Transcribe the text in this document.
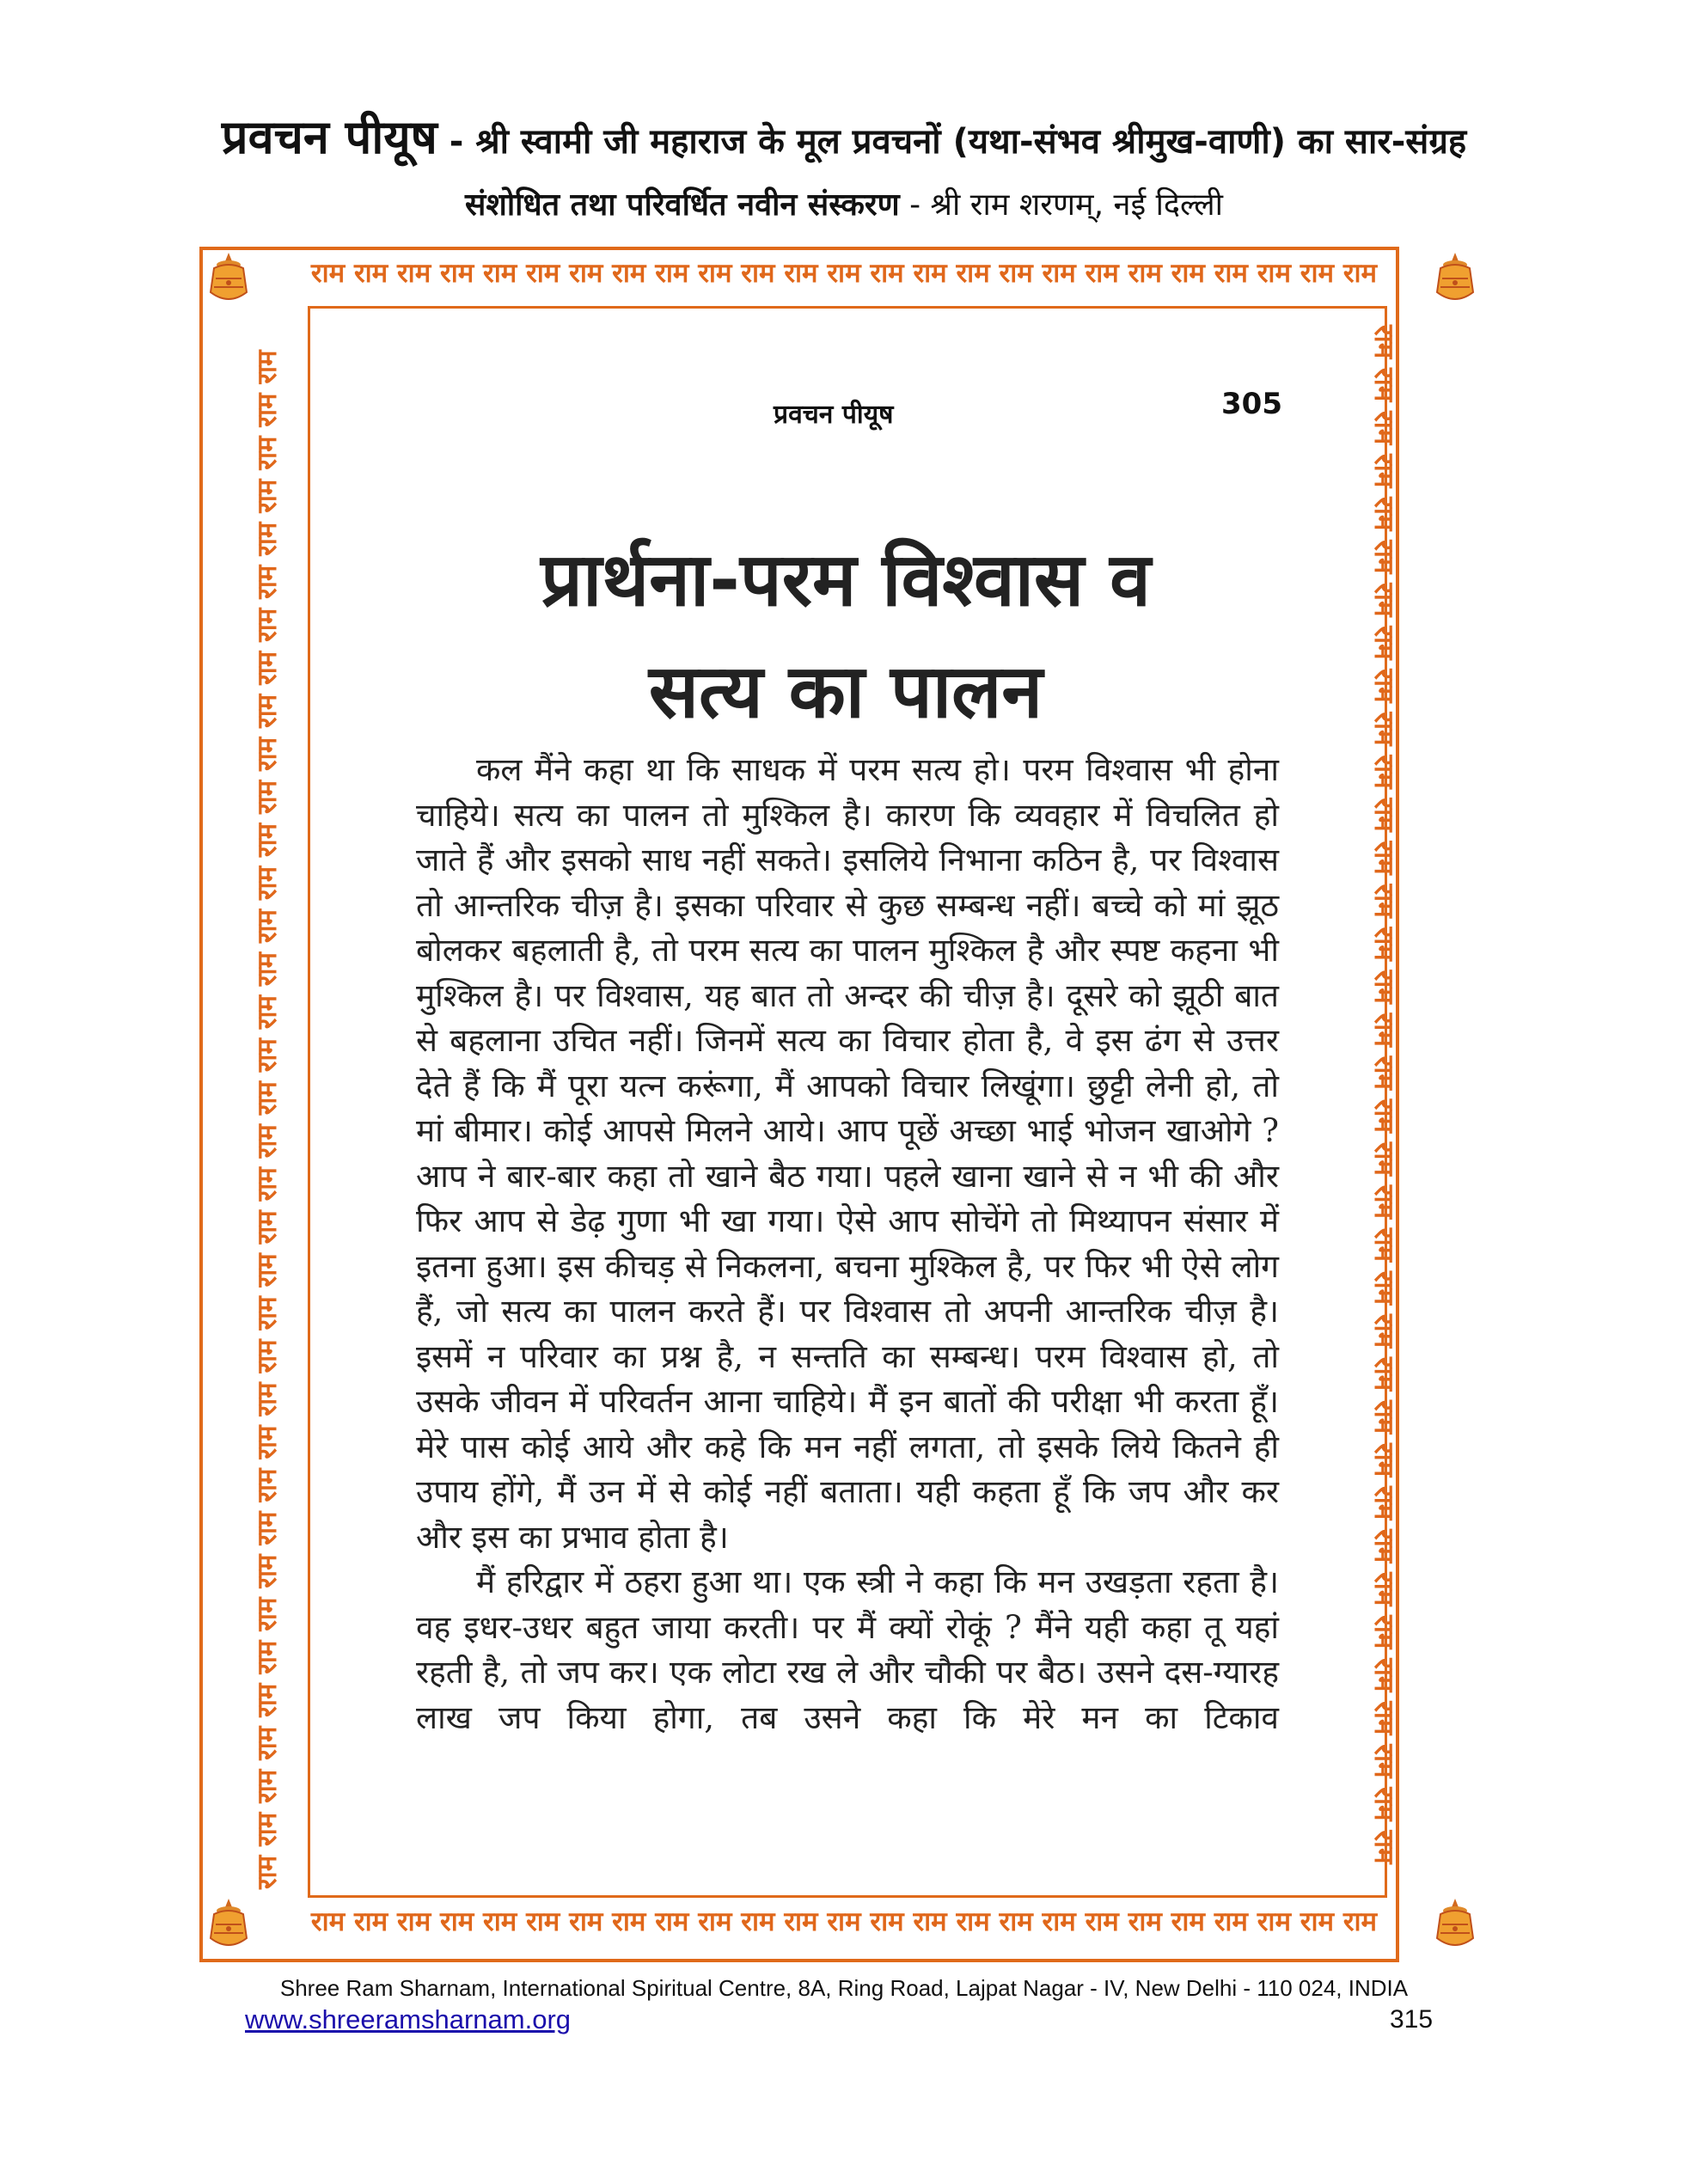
प्रवचन पीयूष - श्री स्वामी जी महाराज के मूल प्रवचनों (यथा-संभव श्रीमुख-वाणी) का सार-संग्रह
संशोधित तथा परिवर्धित नवीन संस्करण - श्री राम शरणम्, नई दिल्ली
राम राम राम राम राम राम राम राम राम राम राम राम राम राम राम राम राम राम राम राम राम राम राम राम राम
राम राम राम राम राम राम राम राम राम राम राम राम राम राम राम राम राम राम राम राम राम राम राम राम राम
राम राम राम राम राम राम राम राम राम राम राम राम राम राम राम राम राम राम राम राम राम राम राम राम राम राम राम राम राम राम राम राम राम राम राम राम	राम राम राम राम राम राम राम राम राम राम राम राम राम राम राम राम राम राम राम राम राम राम राम राम राम राम राम राम राम राम राम राम राम राम राम राम
प्रवचन पीयूष	305
प्रार्थना-परम विश्वास व
सत्य का पालन

कल मैंने कहा था कि साधक में परम सत्य हो। परम विश्वास भी होना चाहिये। सत्य का पालन तो मुश्किल है। कारण कि व्यवहार में विचलित हो जाते हैं और इसको साध नहीं सकते। इसलिये निभाना कठिन है, पर विश्वास तो आन्तरिक चीज़ है। इसका परिवार से कुछ सम्बन्ध नहीं। बच्चे को मां झूठ बोलकर बहलाती है, तो परम सत्य का पालन मुश्किल है और स्पष्ट कहना भी मुश्किल है। पर विश्वास, यह बात तो अन्दर की चीज़ है। दूसरे को झूठी बात से बहलाना उचित नहीं। जिनमें सत्य का विचार होता है, वे इस ढंग से उत्तर देते हैं कि मैं पूरा यत्न करूंगा, मैं आपको विचार लिखूंगा। छुट्टी लेनी हो, तो मां बीमार। कोई आपसे मिलने आये। आप पूछें अच्छा भाई भोजन खाओगे ? आप ने बार-बार कहा तो खाने बैठ गया। पहले खाना खाने से न भी की और फिर आप से डेढ़ गुणा भी खा गया। ऐसे आप सोचेंगे तो मिथ्यापन संसार में इतना हुआ। इस कीचड़ से निकलना, बचना मुश्किल है, पर फिर भी ऐसे लोग हैं, जो सत्य का पालन करते हैं। पर विश्वास तो अपनी आन्तरिक चीज़ है। इसमें न परिवार का प्रश्न है, न सन्तति का सम्बन्ध। परम विश्वास हो, तो उसके जीवन में परिवर्तन आना चाहिये। मैं इन बातों की परीक्षा भी करता हूँ। मेरे पास कोई आये और कहे कि मन नहीं लगता, तो इसके लिये कितने ही उपाय होंगे, मैं उन में से कोई नहीं बताता। यही कहता हूँ कि जप और कर और इस का प्रभाव होता है।

मैं हरिद्वार में ठहरा हुआ था। एक स्त्री ने कहा कि मन उखड़ता रहता है। वह इधर-उधर बहुत जाया करती। पर मैं क्यों रोकूं ? मैंने यही कहा तू यहां रहती है, तो जप कर। एक लोटा रख ले और चौकी पर बैठ। उसने दस-ग्यारह लाख जप किया होगा, तब उसने कहा कि मेरे मन का टिकाव

Shree Ram Sharnam, International Spiritual Centre, 8A, Ring Road, Lajpat Nagar - IV, New Delhi - 110 024, INDIA
www.shreeramsharnam.org	315
